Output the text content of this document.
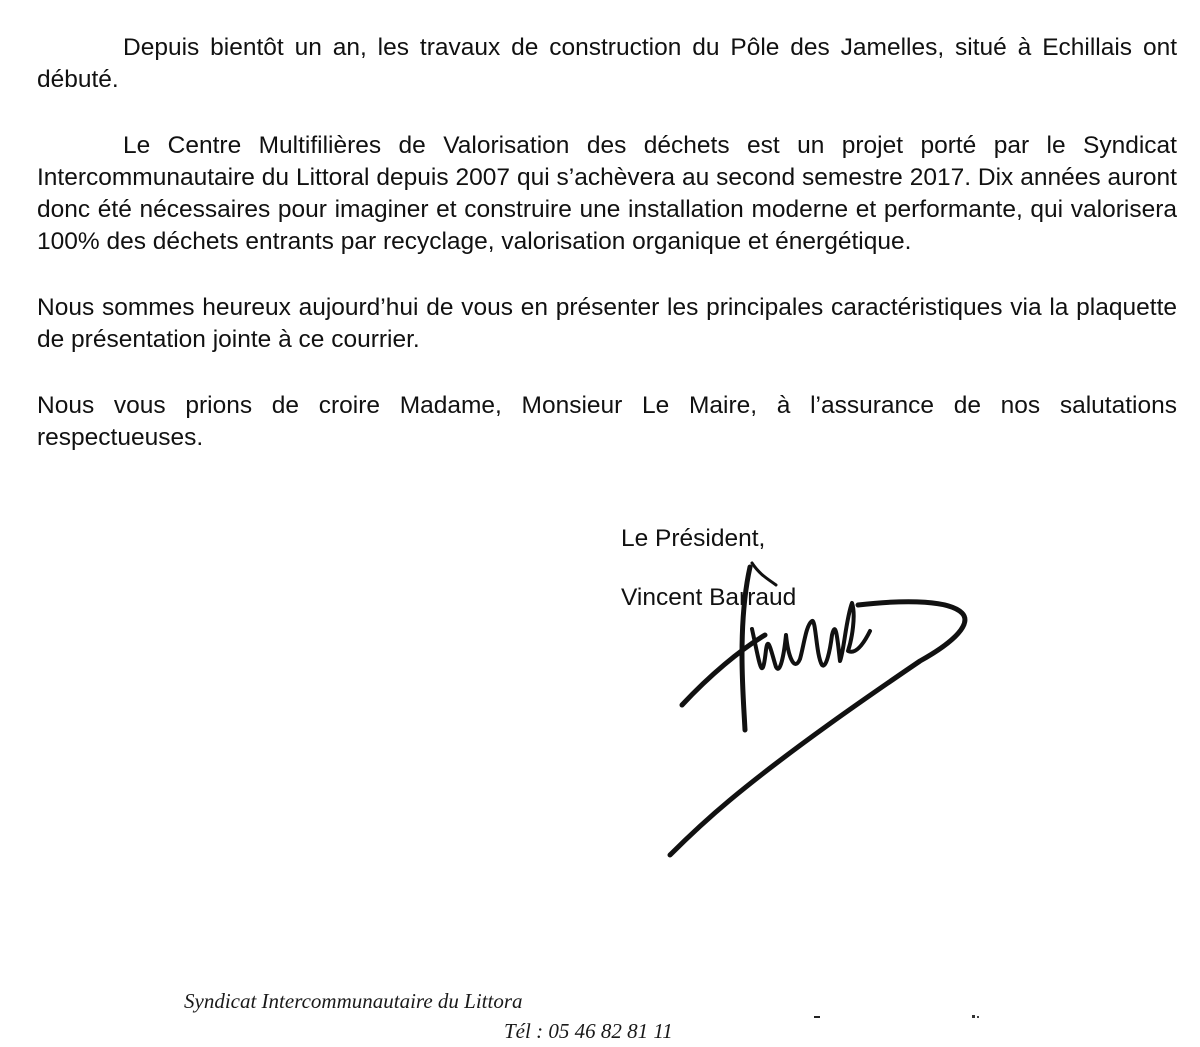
Depuis bientôt un an, les travaux de construction du Pôle des Jamelles, situé à Echillais ont débuté.

Le Centre Multifilières de Valorisation des déchets est un projet porté par le Syndicat Intercommunautaire du Littoral depuis 2007 qui s’achèvera au second semestre 2017. Dix années auront donc été nécessaires pour imaginer et construire une installation moderne et performante, qui valorisera 100% des déchets entrants par recyclage, valorisation organique et énergétique.

Nous sommes heureux aujourd’hui de vous en présenter les principales caractéristiques via la plaquette de présentation jointe à ce courrier.

Nous vous prions de croire Madame, Monsieur Le Maire, à l’assurance de nos salutations respectueuses.

Le Président,
Vincent Barraud
Syndicat Intercommunautaire du Littora
Tél : 05 46 82 81 11
